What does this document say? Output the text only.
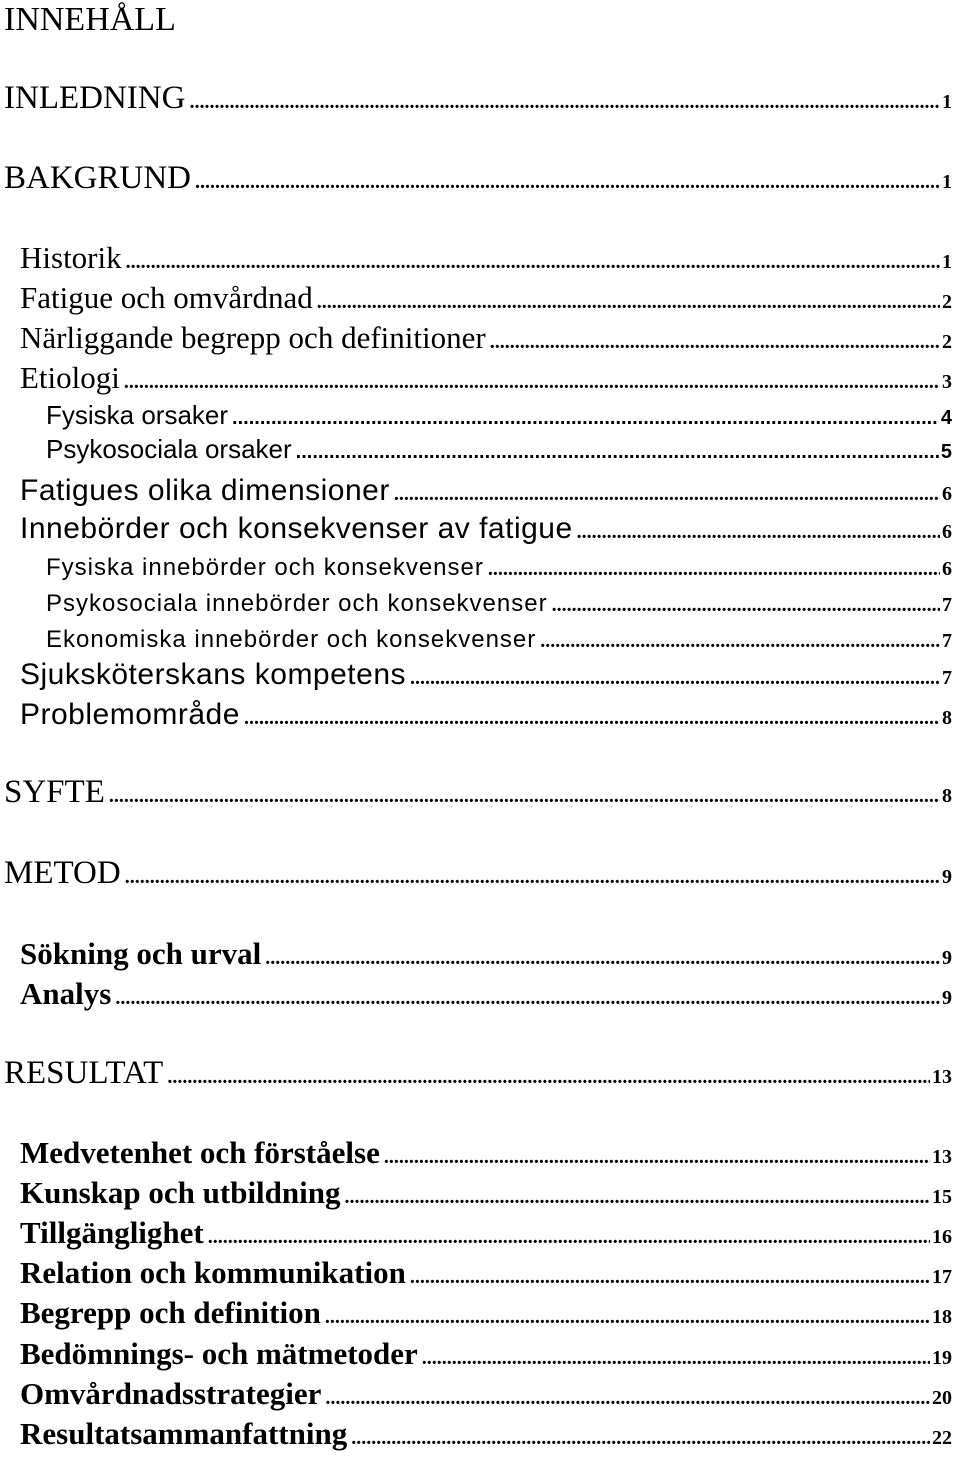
INNEHÅLL
INLEDNING .....	1
BAKGRUND .....	1
Historik .....	1
Fatigue och omvårdnad .....	2
Närliggande begrepp och definitioner .....	2
Etiologi .....	3
Fysiska orsaker .....	4
Psykosociala orsaker .....	5
Fatigues olika dimensioner .....	6
Innebörder och konsekvenser av fatigue .....	6
Fysiska innebörder och konsekvenser .....	6
Psykosociala innebörder och konsekvenser .....	7
Ekonomiska innebörder och konsekvenser .....	7
Sjuksköterskans kompetens .....	7
Problemområde .....	8
SYFTE .....	8
METOD .....	9
Sökning och urval .....	9
Analys .....	9
RESULTAT .....	13
Medvetenhet och förståelse .....	13
Kunskap och utbildning .....	15
Tillgänglighet .....	16
Relation och kommunikation .....	17
Begrepp och definition .....	18
Bedömnings- och mätmetoder .....	19
Omvårdnadsstrategier .....	20
Resultatsammanfattning .....	22
